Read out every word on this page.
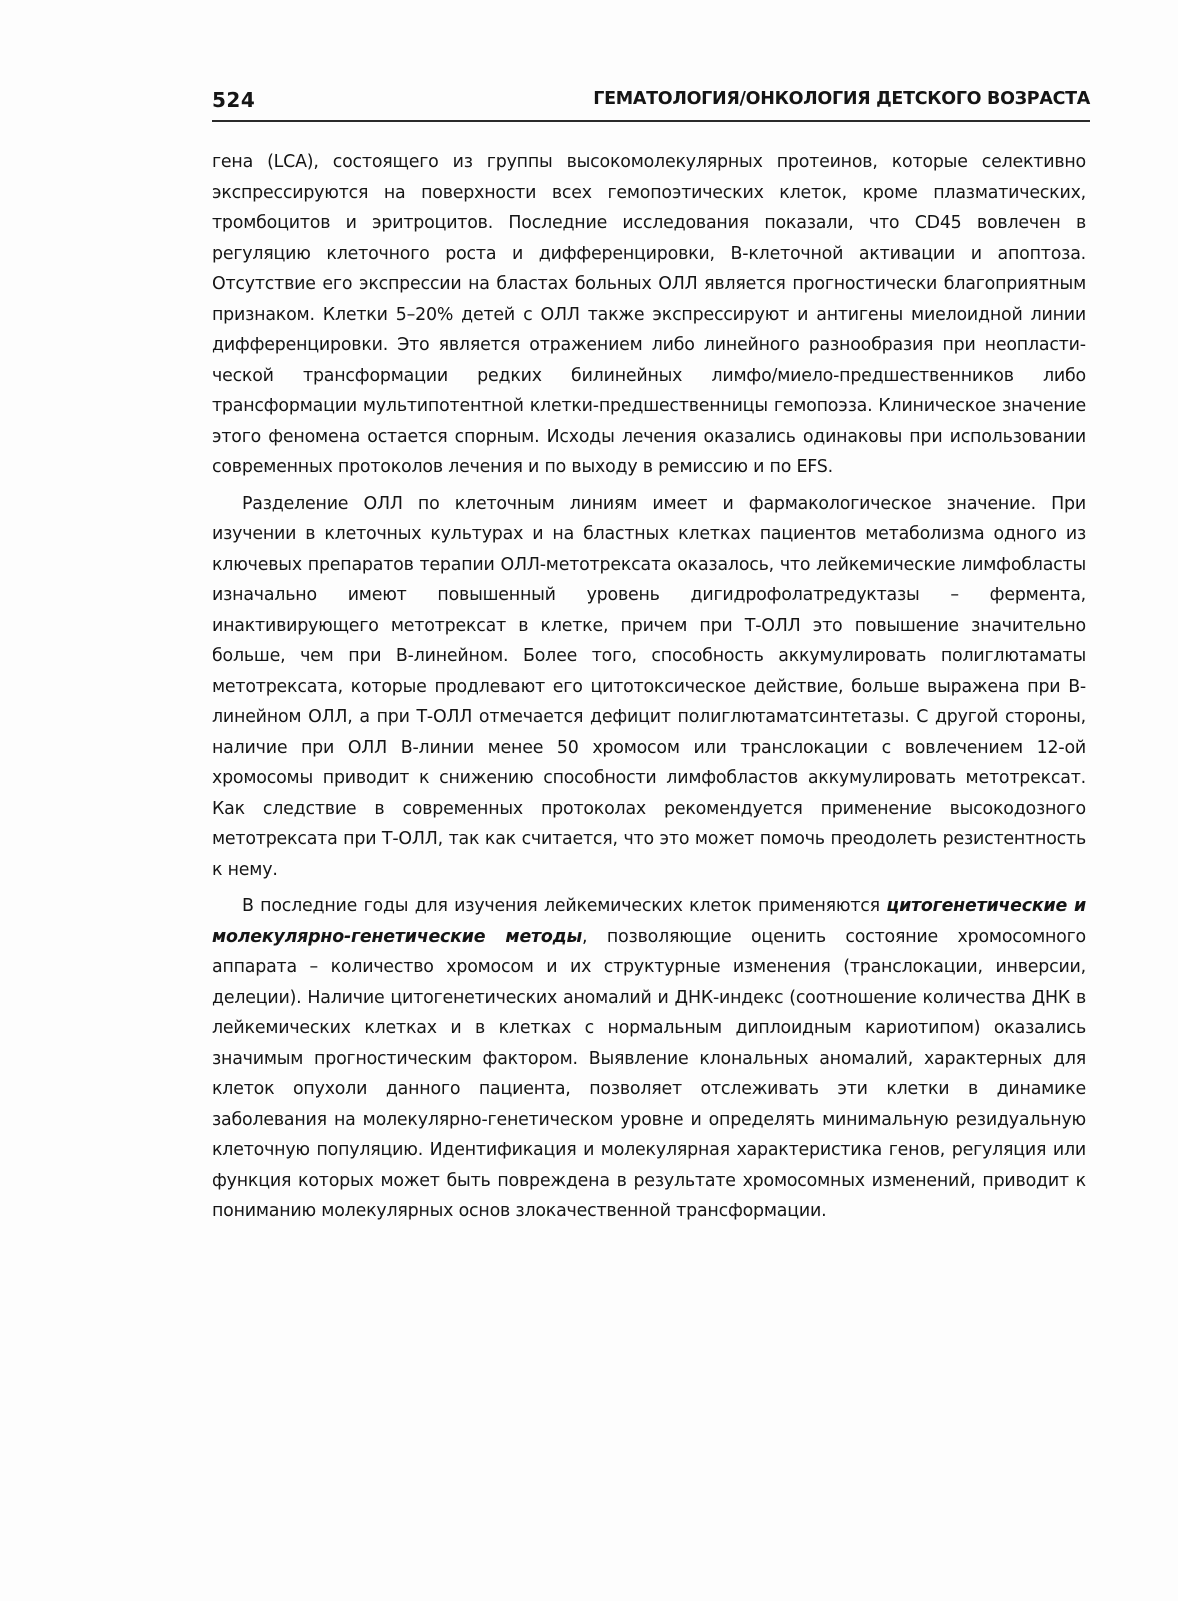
524	ГЕМАТОЛОГИЯ/ОНКОЛОГИЯ ДЕТСКОГО ВОЗРАСТА

гена (LCA), состоящего из группы высокомолекулярных протеинов, которые селективно экспрессируются на поверхности всех гемопоэтических клеток, кроме плазматических, тромбоцитов и эритроцитов. Последние исследования показали, что CD45 вовлечен в регуляцию клеточного роста и дифференцировки, В-клеточной активации и апоптоза. Отсутствие его экспрессии на бластах больных ОЛЛ является прогностически благоприятным признаком. Клетки 5–20% детей с ОЛЛ также экспрессируют и антигены миелоидной линии дифференцировки. Это является отражением либо линейного разнообразия при неопластической трансформации редких билинейных лимфо/миело-предшественников либо трансформации мультипотентной клетки-предшественницы гемопоэза. Клиническое значение этого феномена остается спорным. Исходы лечения оказались одинаковы при использовании современных протоколов лечения и по выходу в ремиссию и по EFS.

Разделение ОЛЛ по клеточным линиям имеет и фармакологическое значение. При изучении в клеточных культурах и на бластных клетках пациентов метаболизма одного из ключевых препаратов терапии ОЛЛ-метотрексата оказалось, что лейкемические лимфобласты изначально имеют повышенный уровень дигидрофолатредуктазы – фермента, инактивирующего метотрексат в клетке, причем при Т-ОЛЛ это повышение значительно больше, чем при В-линейном. Более того, способность аккумулировать полиглютаматы метотрексата, которые продлевают его цитотоксическое действие, больше выражена при В-линейном ОЛЛ, а при Т-ОЛЛ отмечается дефицит полиглютаматсинтетазы. С другой стороны, наличие при ОЛЛ В-линии менее 50 хромосом или транслокации с вовлечением 12-ой хромосомы приводит к снижению способности лимфобластов аккумулировать метотрексат. Как следствие в современных протоколах рекомендуется применение высокодозного метотрексата при Т-ОЛЛ, так как считается, что это может помочь преодолеть резистентность к нему.

В последние годы для изучения лейкемических клеток применяются цитогенетические и молекулярно-генетические методы, позволяющие оценить состояние хромосомного аппарата – количество хромосом и их структурные изменения (транслокации, инверсии, делеции). Наличие цитогенетических аномалий и ДНК-индекс (соотношение количества ДНК в лейкемических клетках и в клетках с нормальным диплоидным кариотипом) оказались значимым прогностическим фактором. Выявление клональных аномалий, характерных для клеток опухоли данного пациента, позволяет отслеживать эти клетки в динамике заболевания на молекулярно-генетическом уровне и определять минимальную резидуальную клеточную популяцию. Идентификация и молекулярная характеристика генов, регуляция или функция которых может быть повреждена в результате хромосомных изменений, приводит к пониманию молекулярных основ злокачественной трансформации.
